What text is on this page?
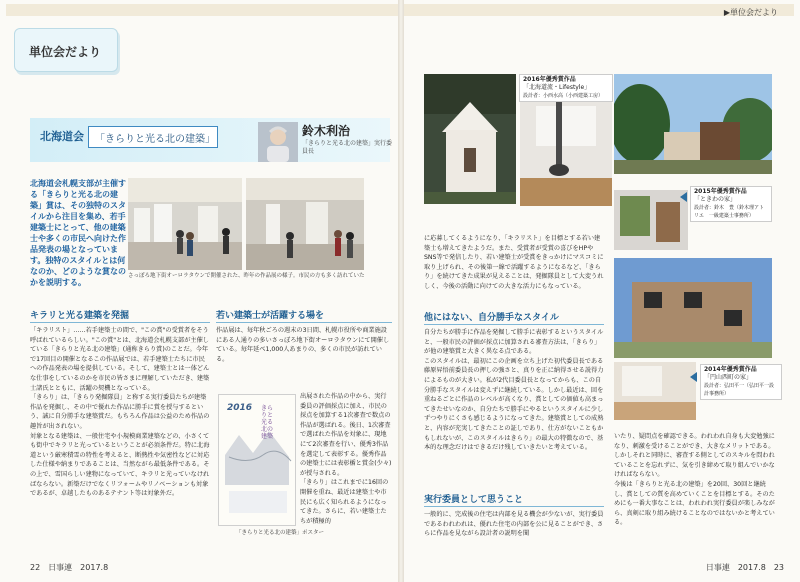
▶単位会だより
単位会だより
北海道会 「きらりと光る北の建築」
鈴木利治
「きらりと光る北の建築」実行委員長
北海道会札幌支部が主催する「きらりと光る北の建築」賞は、その独特のスタイルから注目を集め、若手建築士にとって、他の建築士や多くの市民へ向けた作品発表の場となっています。独特のスタイルとは何なのか、どのような賞なのかを説明する。
さっぽろ地下街オーロラタウンで開催された、昨年の作品展の様子。市民の方も多く訪れていた
キラリと光る建築を発掘

「キラリスト」……若手建築士の間で、"この賞"の受賞者をそう呼ばれているらしい。"この賞"とは、北海道会札幌支部が主催している「きらりと光る北の建築」(通称きらり賞)のことだ。今年で17回目の開催となるこの作品展では、若手建築士たちに市民への作品発表の場を提供している。そして、建築士とは一体どんな仕事をしているのかを市民の皆さまに理解していただき、建築士諸氏とともに、活躍の契機となっている。

「きらり」は、「きらり発掘隊員」と称する実行委員たちが建築作品を発掘し、その中で優れた作品に勝手に賞を授与するという、誠に自分勝手な建築賞だ。もちろん作品は公益のため作品の趣旨が出されない。

対象となる建築は、一般住宅や小規模商業建築などの、小さくても街中でキラリと光っているということが必須条件だ。特に北海道という厳寒積雪の特性を考えると、断熱性や気密性などに対応した仕様や納まりであることは、当然ながら最低条件である。その上で、雪国らしい建物になっていて、キラリと光っていなければならない。新築だけでなくリフォームやリノベーションも対象であるが、卓越したものあるテナント等は対象外だ。

若い建築士が活躍する場を

作品展は、毎年秋ごろの週末の3日間、札幌市役所や商業施設にある人通りの多いさっぽろ地下街オーロラタウンにて開催している。毎年延べ1,000人あまりの、多くの市民が訪れている。

出展された作品の中から、実行委員の評価採点に加え、市民の採点を加算する1次審査で数点の作品が選ばれる。後日、1次審査で選ばれた作品を対象に、現地にて2次審査を行い、優秀3作品を選定して表彰する。優秀作品の建築士には表彰楯と賞金(少々)が授与される。

「きらり」はこれまでに16回の開催を重ね、最近は建築士や市民にも広く知られるようになってきた。さらに、若い建築士たちが積極的

2016 きらりと光る北の建築
「きらりと光る北の建築」ポスター
2016年優秀賞作品
「北海道流・Lifestyle」
設計者：小西水高（小西建築工房）
2015年優秀賞作品
「ときわの家」
設計者：鈴木　豊（鈴木理アトリエ　一級建築士事務所）
2014年優秀賞作品
「円山西町の家」
設計者：弘田平一（弘田平一設計事務所）

に応募してくるようになり、「キラリスト」を目標とする若い建築士も増えてきたようだ。また、受賞者が受賞の喜びをHPやSNS等で発信したり、若い建築士が受賞をきっかけにマスコミに取り上げられ、その後第一線で活躍するようになるなど、「きらり」を続けてきた成果が見えることは、発掘隊員として大変うれしく、今後の活動に向けての大きな活力にもなっている。

他にはない、自分勝手なスタイル

自分たちが勝手に作品を発掘して勝手に表彰するというスタイルと、一般市民の評価が採点に加算される審査方法は、「きらり」が他の建築賞と大きく異なる点である。

このスタイルは、最初にこの企画を立ち上げた初代委員長である藤原昇悟前委員長の押しの強さと、真りを正に納得させる説得力によるものが大きい。私が2代目委員長となってからも、この自分勝手なスタイルは変えずに継続している。しかし最近は、回を重ねるごとに作品のレベルが高くなり、賞としての価値も高まってきたせいなのか、自分たちで勝手にやるというスタイルに少しずつやりにくさも感じるようになってきた。建築賞としての成熟と、内容が充実してきたことの証しであり、仕方がないこともかもしれないが、このスタイルはきらり」の最大の特徴なので、基本的な理念だけはできるだけ残していきたいと考えている。

実行委員として思うこと

一般的に、完成後の住宅は内部を見る機会が少ないが、実行委員であるわれわれは、優れた住宅の内部を公に見ることができ、さらに作品を見ながら設計者の説明を聞

いたり、疑問点を確認できる。われわれ自身も大変勉強になり、刺激を受けることができ、大きなメリットである。しかしそれと同時に、審査する側としてのスキルを問われていることを忘れずに、気を引き締めて取り組んでいかなければならない。

今後は「きらりと光る北の建築」を20回、30回と継続し、賞としての質を高めていくことを目標とする。そのためにも一番大事なことは、われわれ実行委員が楽しみながら、真剣に取り組み続けることなのではないかと考えている。

22　日事連　2017.8	日事連　2017.8　23
